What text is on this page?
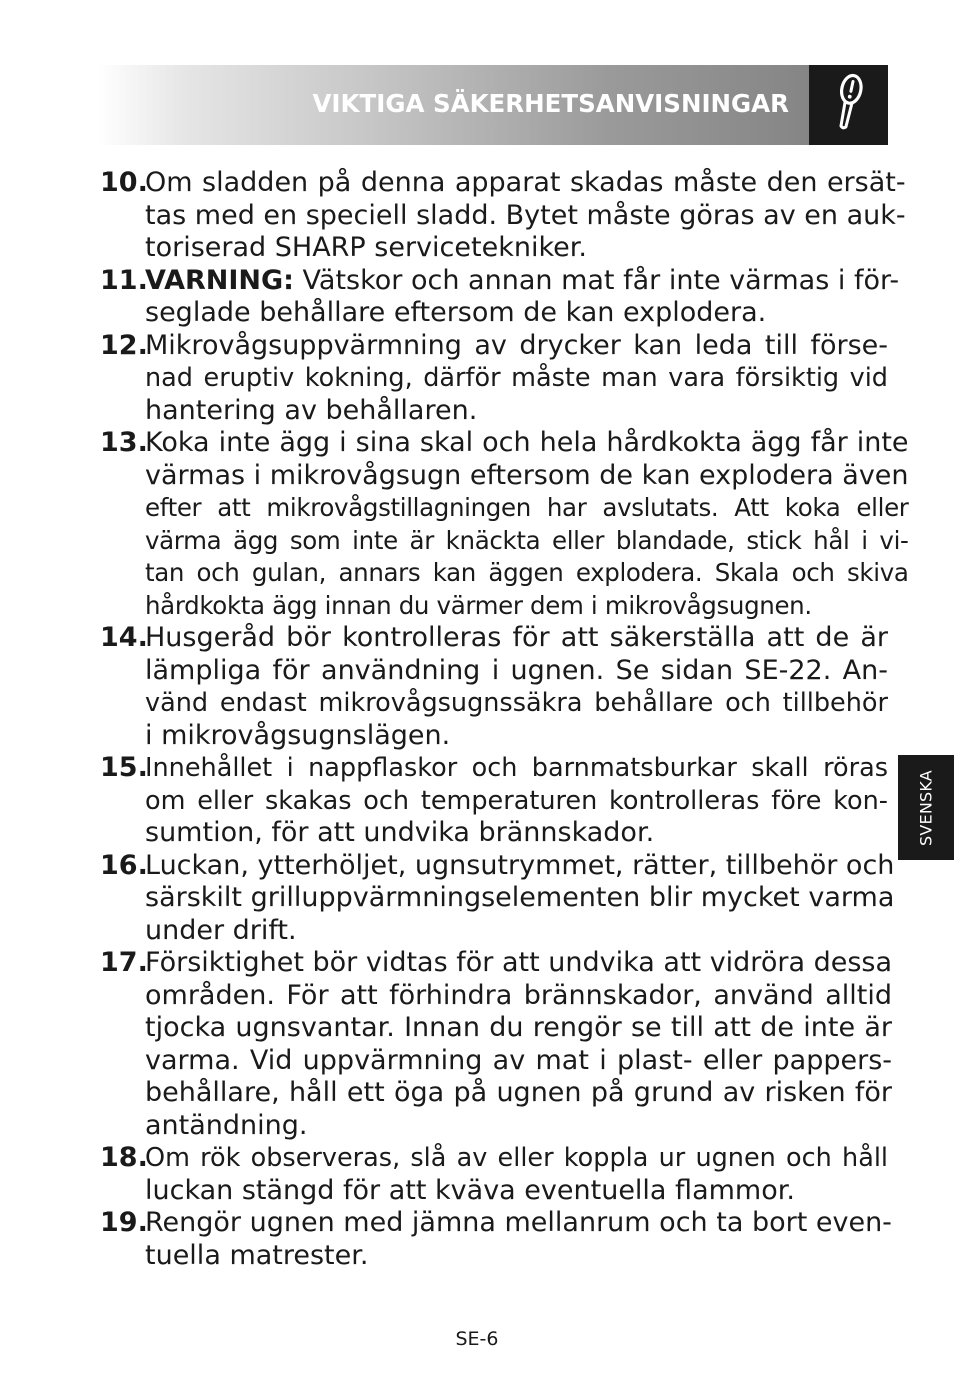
VIKTIGA SÄKERHETSANVISNINGAR
10.
Om sladden på denna apparat skadas måste den ersät-
tas med en speciell sladd. Bytet måste göras av en auk-
toriserad SHARP servicetekniker.
11.
VARNING: Vätskor och annan mat får inte värmas i för-
seglade behållare eftersom de kan explodera.
12.
Mikrovågsuppvärmning av drycker kan leda till förse-
nad eruptiv kokning, därför måste man vara försiktig vid
hantering av behållaren.
13.
Koka inte ägg i sina skal och hela hårdkokta ägg får inte
värmas i mikrovågsugn eftersom de kan explodera även
efter att mikrovågstillagningen har avslutats. Att koka eller
värma ägg som inte är knäckta eller blandade, stick hål i vi-
tan och gulan, annars kan äggen explodera. Skala och skiva
hårdkokta ägg innan du värmer dem i mikrovågsugnen.
14.
Husgeråd bör kontrolleras för att säkerställa att de är
lämpliga för användning i ugnen. Se sidan SE-22. An-
vänd endast mikrovågsugnssäkra behållare och tillbehör
i mikrovågsugnslägen.
15.
Innehållet i nappflaskor och barnmatsburkar skall röras
om eller skakas och temperaturen kontrolleras före kon-
sumtion, för att undvika brännskador.
16.
Luckan, ytterhöljet, ugnsutrymmet, rätter, tillbehör och
särskilt grilluppvärmningselementen blir mycket varma
under drift.
17.
Försiktighet bör vidtas för att undvika att vidröra dessa
områden. För att förhindra brännskador, använd alltid
tjocka ugnsvantar. Innan du rengör se till att de inte är
varma. Vid uppvärmning av mat i plast- eller pappers-
behållare, håll ett öga på ugnen på grund av risken för
antändning.
18.
Om rök observeras, slå av eller koppla ur ugnen och håll
luckan stängd för att kväva eventuella flammor.
19.
Rengör ugnen med jämna mellanrum och ta bort even-
tuella matrester.
SVENSKA
SE-6
